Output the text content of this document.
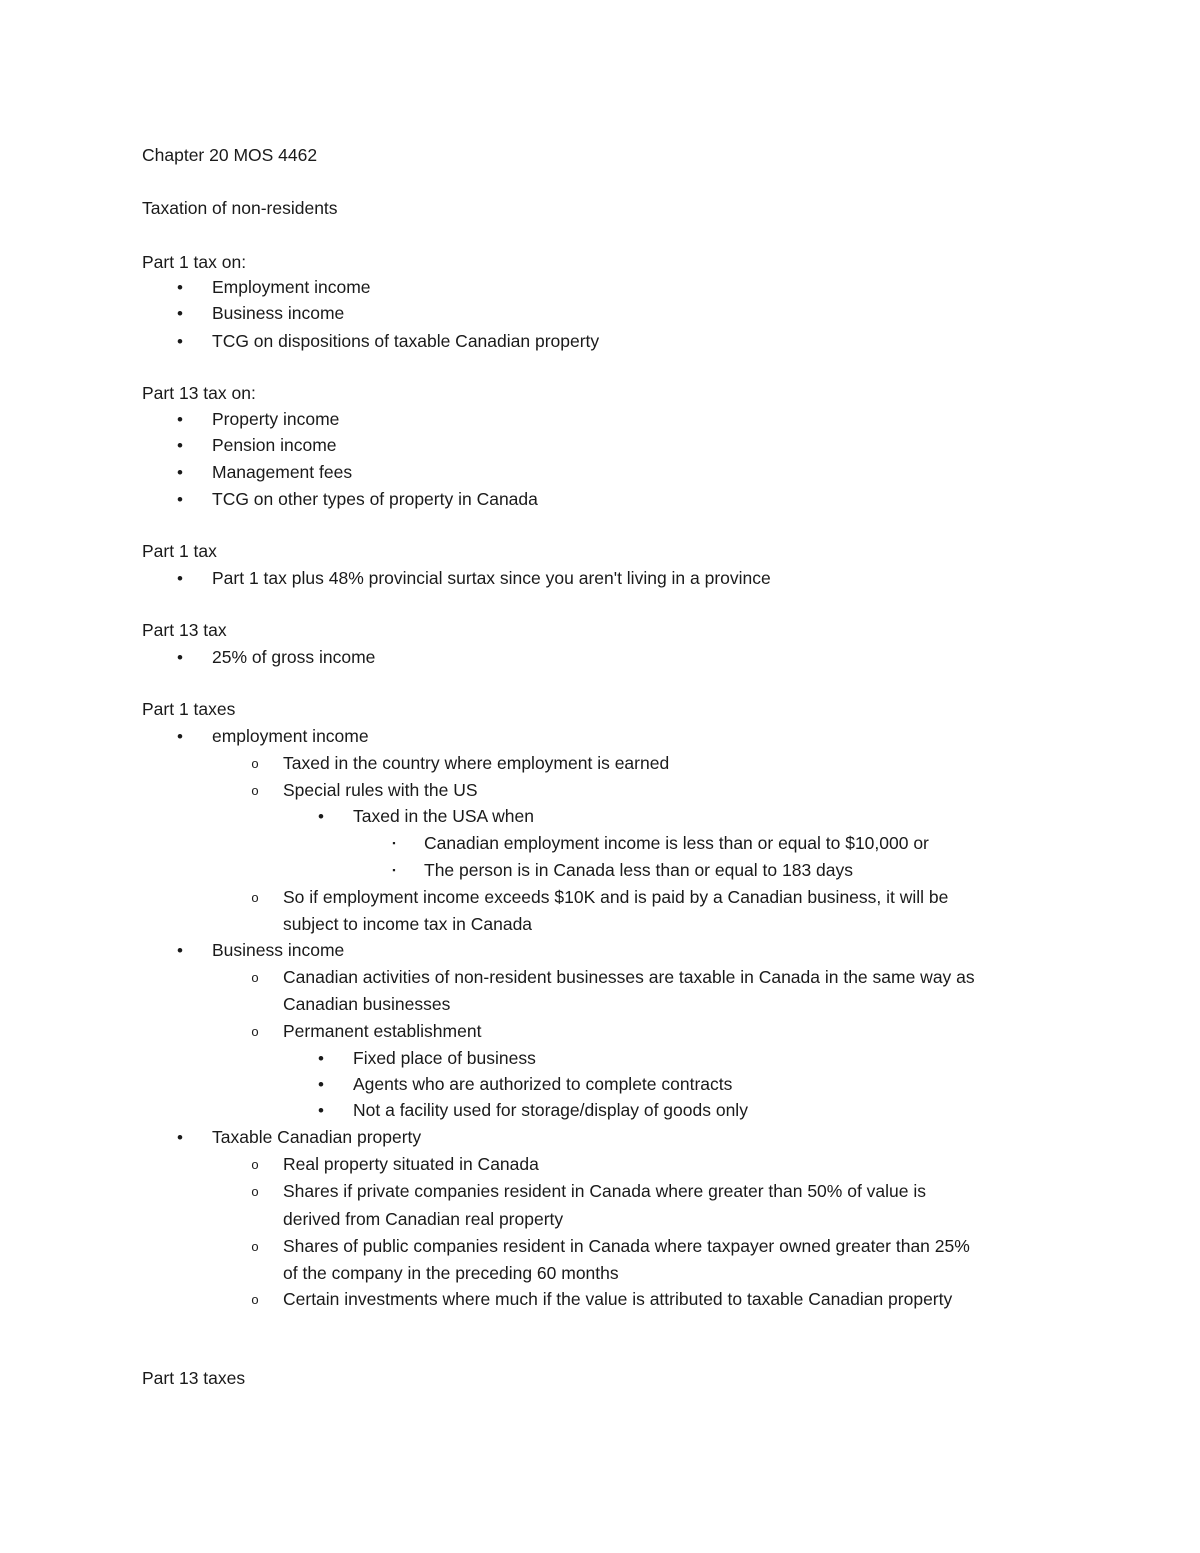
Chapter 20 MOS 4462
Taxation of non-residents
Part 1 tax on:
•	Employment income
•	Business income
•	TCG on dispositions of taxable Canadian property
Part 13 tax on:
•	Property income
•	Pension income
•	Management fees
•	TCG on other types of property in Canada
Part 1 tax
•	Part 1 tax plus 48% provincial surtax since you aren't living in a province
Part 13 tax
•	25% of gross income
Part 1 taxes
•	employment income
o	Taxed in the country where employment is earned
o	Special rules with the US
•	Taxed in the USA when
▪	Canadian employment income is less than or equal to $10,000 or
▪	The person is in Canada less than or equal to 183 days
o	So if employment income exceeds $10K and is paid by a Canadian business, it will be
subject to income tax in Canada
•	Business income
o	Canadian activities of non-resident businesses are taxable in Canada in the same way as
Canadian businesses
o	Permanent establishment
•	Fixed place of business
•	Agents who are authorized to complete contracts
•	Not a facility used for storage/display of goods only
•	Taxable Canadian property
o	Real property situated in Canada
o	Shares if private companies resident in Canada where greater than 50% of value is
derived from Canadian real property
o	Shares of public companies resident in Canada where taxpayer owned greater than 25%
of the company in the preceding 60 months
o	Certain investments where much if the value is attributed to taxable Canadian property
Part 13 taxes
